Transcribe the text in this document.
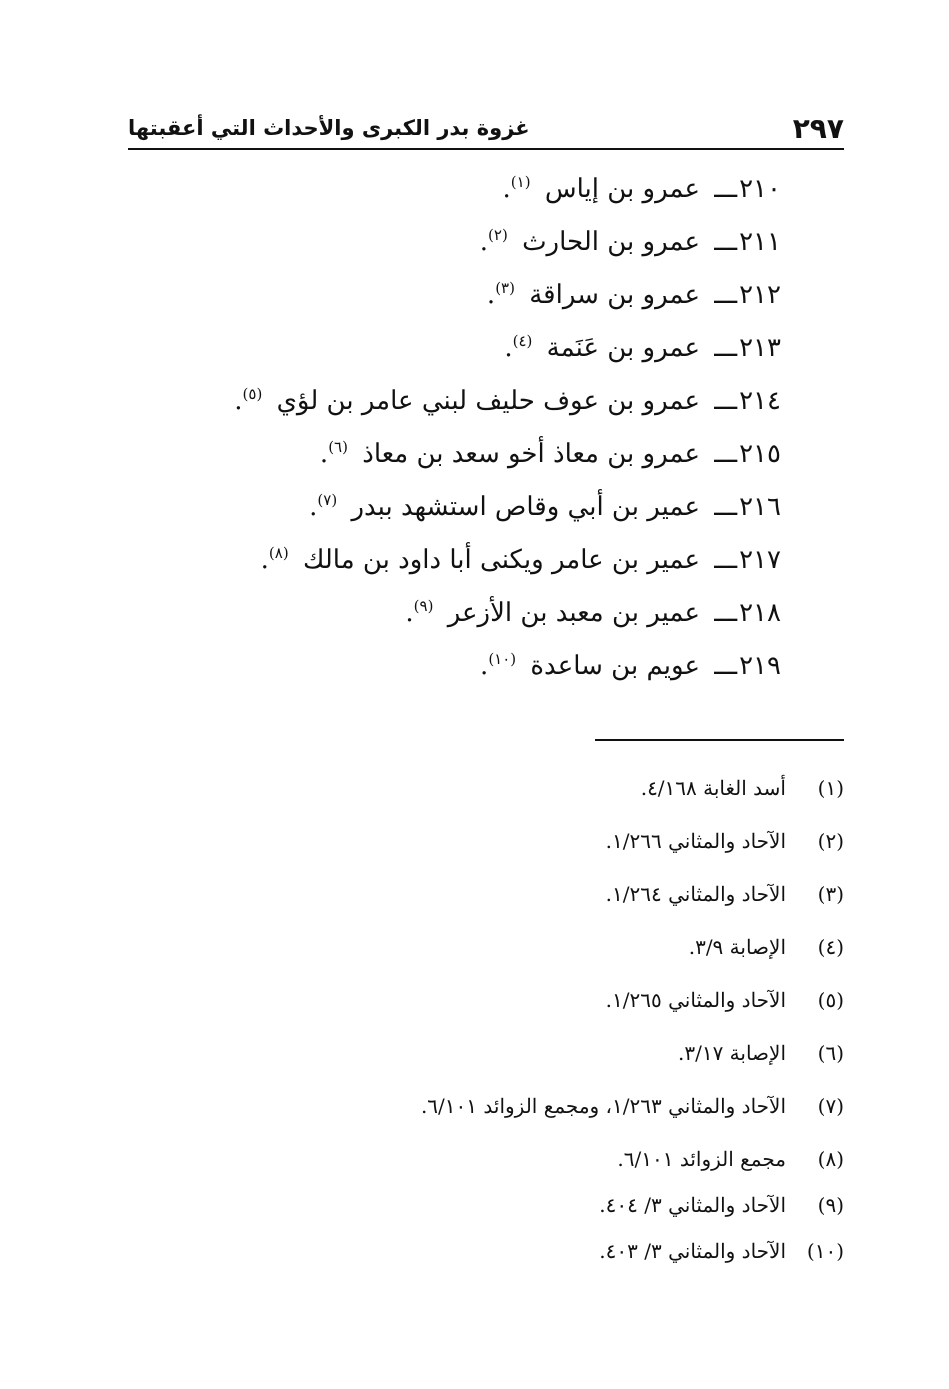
٢٩٧
غزوة بدر الكبرى والأحداث التي أعقبتها
٢١٠ـــ عمرو بن إياس $^{(١)}$.
٢١١ـــ عمرو بن الحارث $^{(٢)}$.
٢١٢ـــ عمرو بن سراقة $^{(٣)}$.
٢١٣ـــ عمرو بن عَنَمة $^{(٤)}$.
٢١٤ـــ عمرو بن عوف حليف لبني عامر بن لؤي $^{(٥)}$.
٢١٥ـــ عمرو بن معاذ أخو سعد بن معاذ $^{(٦)}$.
٢١٦ـــ عمير بن أبي وقاص استشهد ببدر $^{(٧)}$.
٢١٧ـــ عمير بن عامر ويكنى أبا داود بن مالك $^{(٨)}$.
٢١٨ـــ عمير بن معبد بن الأزعر $^{(٩)}$.
٢١٩ـــ عويم بن ساعدة $^{(١٠)}$.
(١)أسد الغابة ٤/١٦٨.
(٢)الآحاد والمثاني ١/٢٦٦.
(٣)الآحاد والمثاني ١/٢٦٤.
(٤)الإصابة ٣/٩.
(٥)الآحاد والمثاني ١/٢٦٥.
(٦)الإصابة ٣/١٧.
(٧)الآحاد والمثاني ١/٢٦٣، ومجمع الزوائد ٦/١٠١.
(٨)مجمع الزوائد ٦/١٠١.
(٩)الآحاد والمثاني ٣/ ٤٠٤.
(١٠)الآحاد والمثاني ٣/ ٤٠٣.
